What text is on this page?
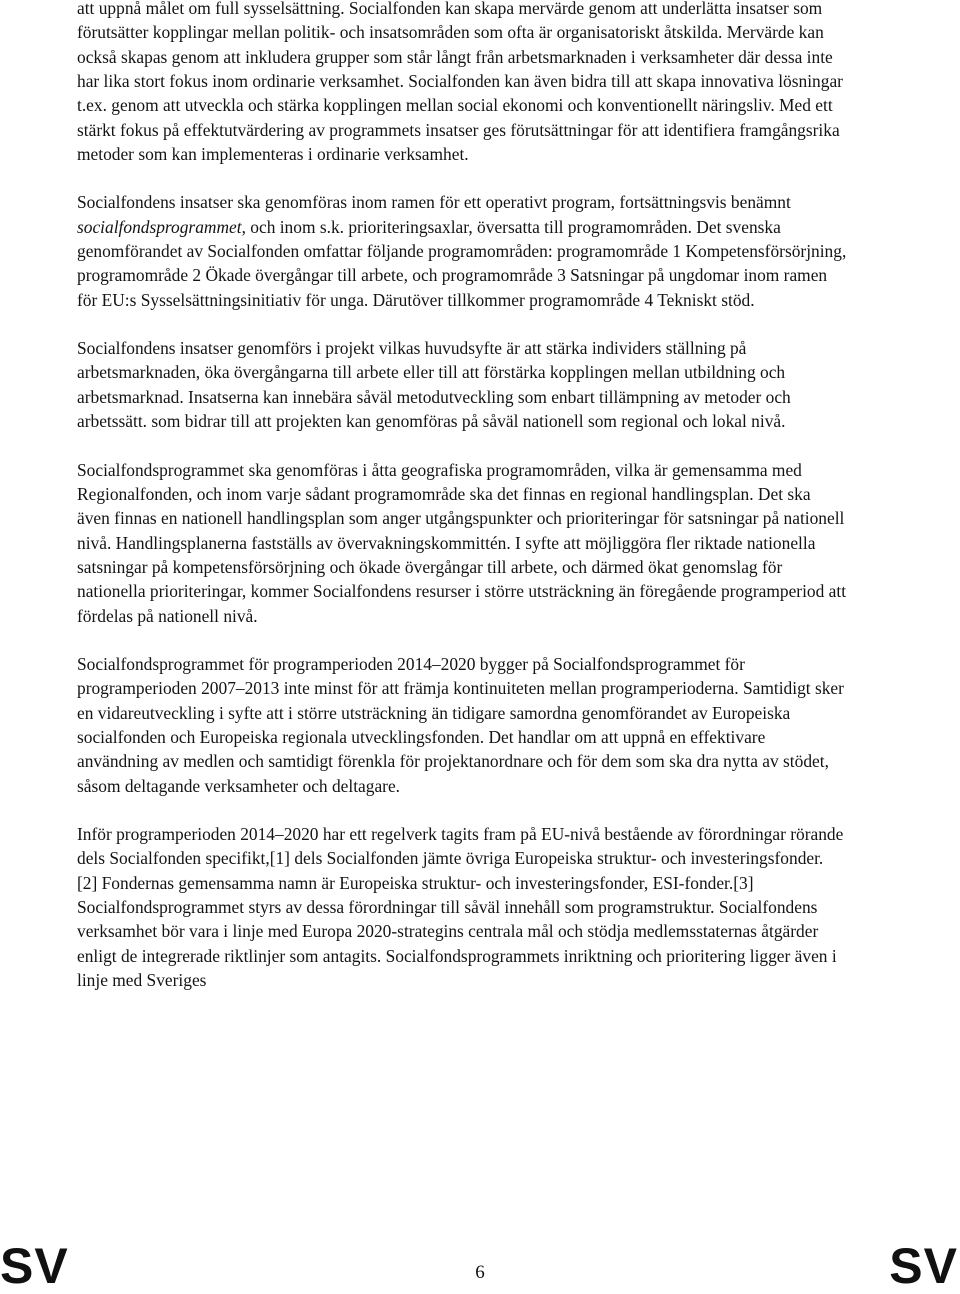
att uppnå målet om full sysselsättning. Socialfonden kan skapa mervärde genom att underlätta insatser som förutsätter kopplingar mellan politik- och insatsområden som ofta är organisatoriskt åtskilda. Mervärde kan också skapas genom att inkludera grupper som står långt från arbetsmarknaden i verksamheter där dessa inte har lika stort fokus inom ordinarie verksamhet. Socialfonden kan även bidra till att skapa innovativa lösningar t.ex. genom att utveckla och stärka kopplingen mellan social ekonomi och konventionellt näringsliv. Med ett stärkt fokus på effektutvärdering av programmets insatser ges förutsättningar för att identifiera framgångsrika metoder som kan implementeras i ordinarie verksamhet.

Socialfondens insatser ska genomföras inom ramen för ett operativt program, fortsättningsvis benämnt socialfondsprogrammet, och inom s.k. prioriteringsaxlar, översatta till programområden. Det svenska genomförandet av Socialfonden omfattar följande programområden: programområde 1 Kompetensförsörjning, programområde 2 Ökade övergångar till arbete, och programområde 3 Satsningar på ungdomar inom ramen för EU:s Sysselsättningsinitiativ för unga. Därutöver tillkommer programområde 4 Tekniskt stöd.

Socialfondens insatser genomförs i projekt vilkas huvudsyfte är att stärka individers ställning på arbetsmarknaden, öka övergångarna till arbete eller till att förstärka kopplingen mellan utbildning och arbetsmarknad. Insatserna kan innebära såväl metodutveckling som enbart tillämpning av metoder och arbetssätt. som bidrar till att projekten kan genomföras på såväl nationell som regional och lokal nivå.

Socialfondsprogrammet ska genomföras i åtta geografiska programområden, vilka är gemensamma med Regionalfonden, och inom varje sådant programområde ska det finnas en regional handlingsplan. Det ska även finnas en nationell handlingsplan som anger utgångspunkter och prioriteringar för satsningar på nationell nivå. Handlingsplanerna fastställs av övervakningskommittén. I syfte att möjliggöra fler riktade nationella satsningar på kompetensförsörjning och ökade övergångar till arbete, och därmed ökat genomslag för nationella prioriteringar, kommer Socialfondens resurser i större utsträckning än föregående programperiod att fördelas på nationell nivå.

Socialfondsprogrammet för programperioden 2014–2020 bygger på Socialfondsprogrammet för programperioden 2007–2013 inte minst för att främja kontinuiteten mellan programperioderna. Samtidigt sker en vidareutveckling i syfte att i större utsträckning än tidigare samordna genomförandet av Europeiska socialfonden och Europeiska regionala utvecklingsfonden. Det handlar om att uppnå en effektivare användning av medlen och samtidigt förenkla för projektanordnare och för dem som ska dra nytta av stödet, såsom deltagande verksamheter och deltagare.

Inför programperioden 2014–2020 har ett regelverk tagits fram på EU-nivå bestående av förordningar rörande dels Socialfonden specifikt,[1] dels Socialfonden jämte övriga Europeiska struktur- och investeringsfonder. [2] Fondernas gemensamma namn är Europeiska struktur- och investeringsfonder, ESI-fonder.[3] Socialfondsprogrammet styrs av dessa förordningar till såväl innehåll som programstruktur. Socialfondens verksamhet bör vara i linje med Europa 2020-strategins centrala mål och stödja medlemsstaternas åtgärder enligt de integrerade riktlinjer som antagits. Socialfondsprogrammets inriktning och prioritering ligger även i linje med Sveriges

SV	6	SV
